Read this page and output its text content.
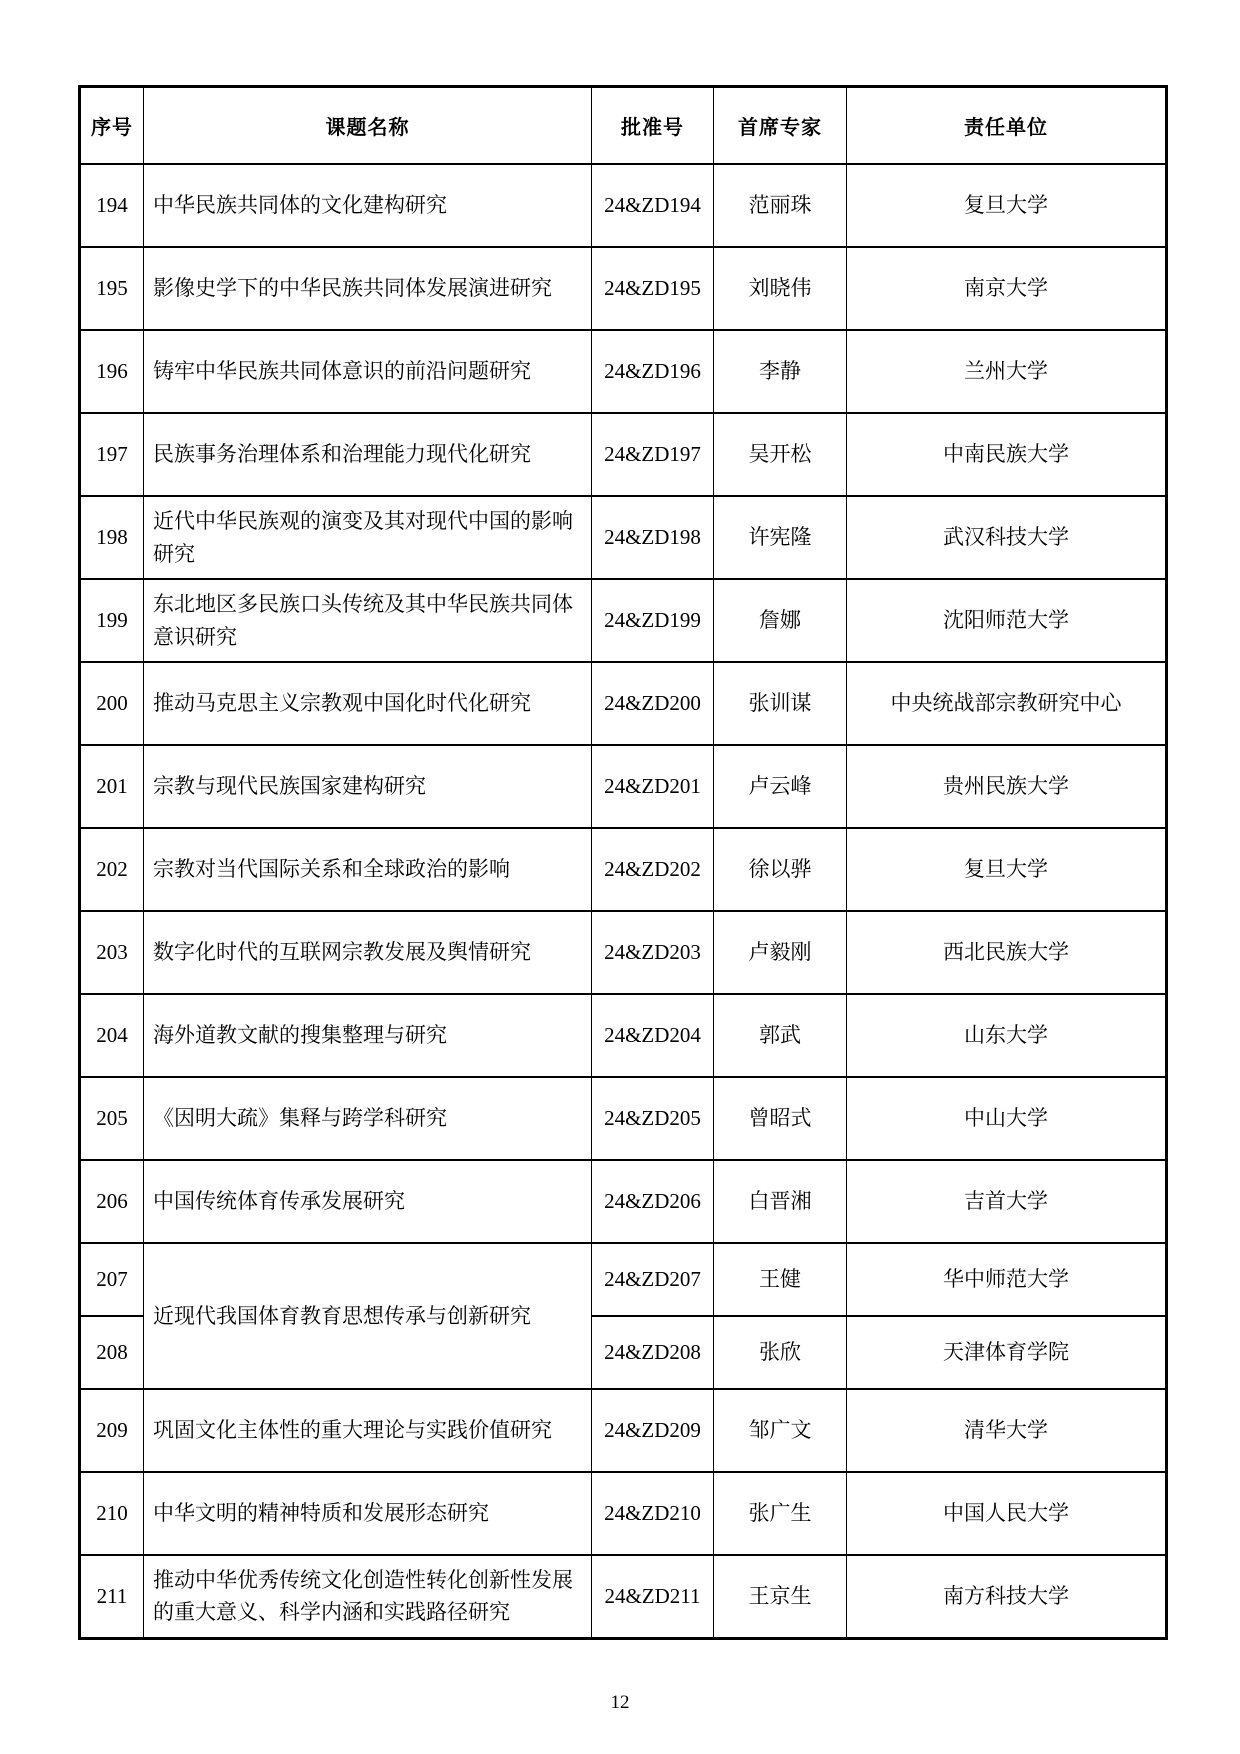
序号	课题名称	批准号	首席专家	责任单位
194	中华民族共同体的文化建构研究	24&ZD194	范丽珠	复旦大学
195	影像史学下的中华民族共同体发展演进研究	24&ZD195	刘晓伟	南京大学
196	铸牢中华民族共同体意识的前沿问题研究	24&ZD196	李静	兰州大学
197	民族事务治理体系和治理能力现代化研究	24&ZD197	吴开松	中南民族大学
198	近代中华民族观的演变及其对现代中国的影响研究	24&ZD198	许宪隆	武汉科技大学
199	东北地区多民族口头传统及其中华民族共同体意识研究	24&ZD199	詹娜	沈阳师范大学
200	推动马克思主义宗教观中国化时代化研究	24&ZD200	张训谋	中央统战部宗教研究中心
201	宗教与现代民族国家建构研究	24&ZD201	卢云峰	贵州民族大学
202	宗教对当代国际关系和全球政治的影响	24&ZD202	徐以骅	复旦大学
203	数字化时代的互联网宗教发展及舆情研究	24&ZD203	卢毅刚	西北民族大学
204	海外道教文献的搜集整理与研究	24&ZD204	郭武	山东大学
205	《因明大疏》集释与跨学科研究	24&ZD205	曾昭式	中山大学
206	中国传统体育传承发展研究	24&ZD206	白晋湘	吉首大学
207	近现代我国体育教育思想传承与创新研究	24&ZD207	王健	华中师范大学
208		24&ZD208	张欣	天津体育学院
209	巩固文化主体性的重大理论与实践价值研究	24&ZD209	邹广文	清华大学
210	中华文明的精神特质和发展形态研究	24&ZD210	张广生	中国人民大学
211	推动中华优秀传统文化创造性转化创新性发展的重大意义、科学内涵和实践路径研究	24&ZD211	王京生	南方科技大学
12
